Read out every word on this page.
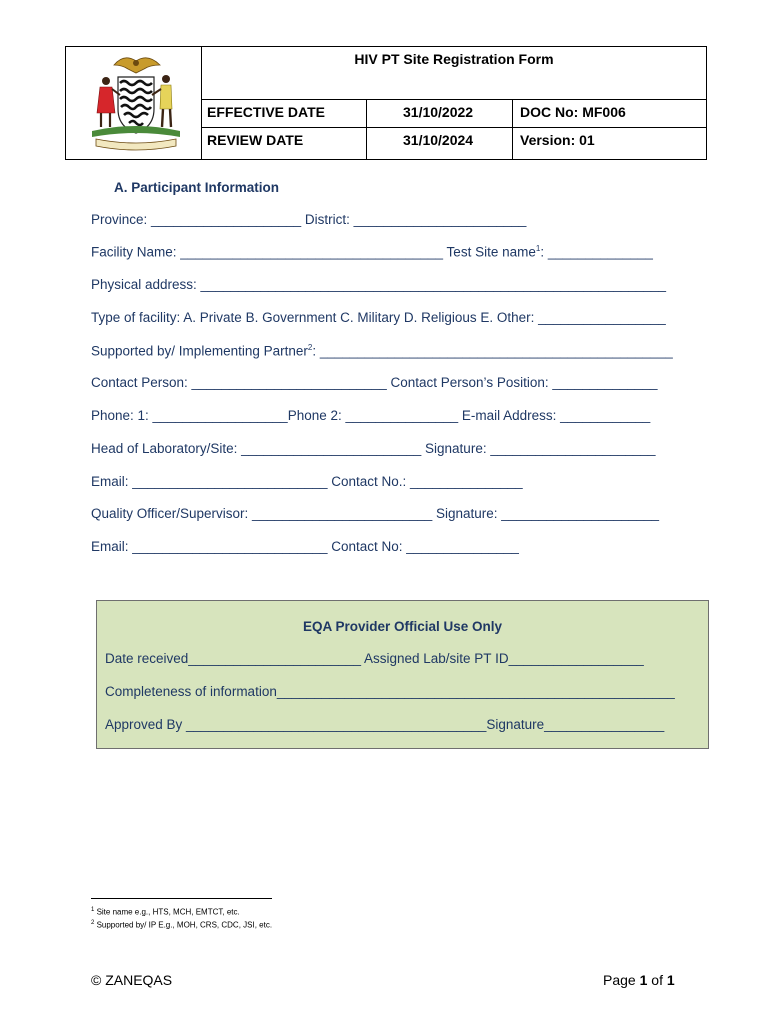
HIV PT Site Registration Form
EFFECTIVE DATE	31/10/2022	DOC No: MF006
REVIEW DATE	31/10/2024	Version: 01
A. Participant Information
Province: ____________________ District: _______________________
Facility Name: ___________________________________ Test Site name$^1$: ______________
Physical address: ______________________________________________________________
Type of facility: A. Private B. Government C. Military D. Religious E. Other: _________________
Supported by/ Implementing Partner$^2$: _______________________________________________
Contact Person: __________________________ Contact Person’s Position: ______________
Phone: 1: __________________Phone 2: _______________ E-mail Address: ____________
Head of Laboratory/Site: ________________________ Signature: ______________________
Email: __________________________ Contact No.: _______________
Quality Officer/Supervisor: ________________________ Signature: _____________________
Email: __________________________ Contact No: _______________
EQA Provider Official Use Only
Date received_______________________ Assigned Lab/site PT ID__________________
Completeness of information_____________________________________________________
Approved By ________________________________________Signature________________
$^1$ Site name e.g., HTS, MCH, EMTCT, etc.
$^2$ Supported by/ IP E.g., MOH, CRS, CDC, JSI, etc.
© ZANEQAS	Page 1 of 1
